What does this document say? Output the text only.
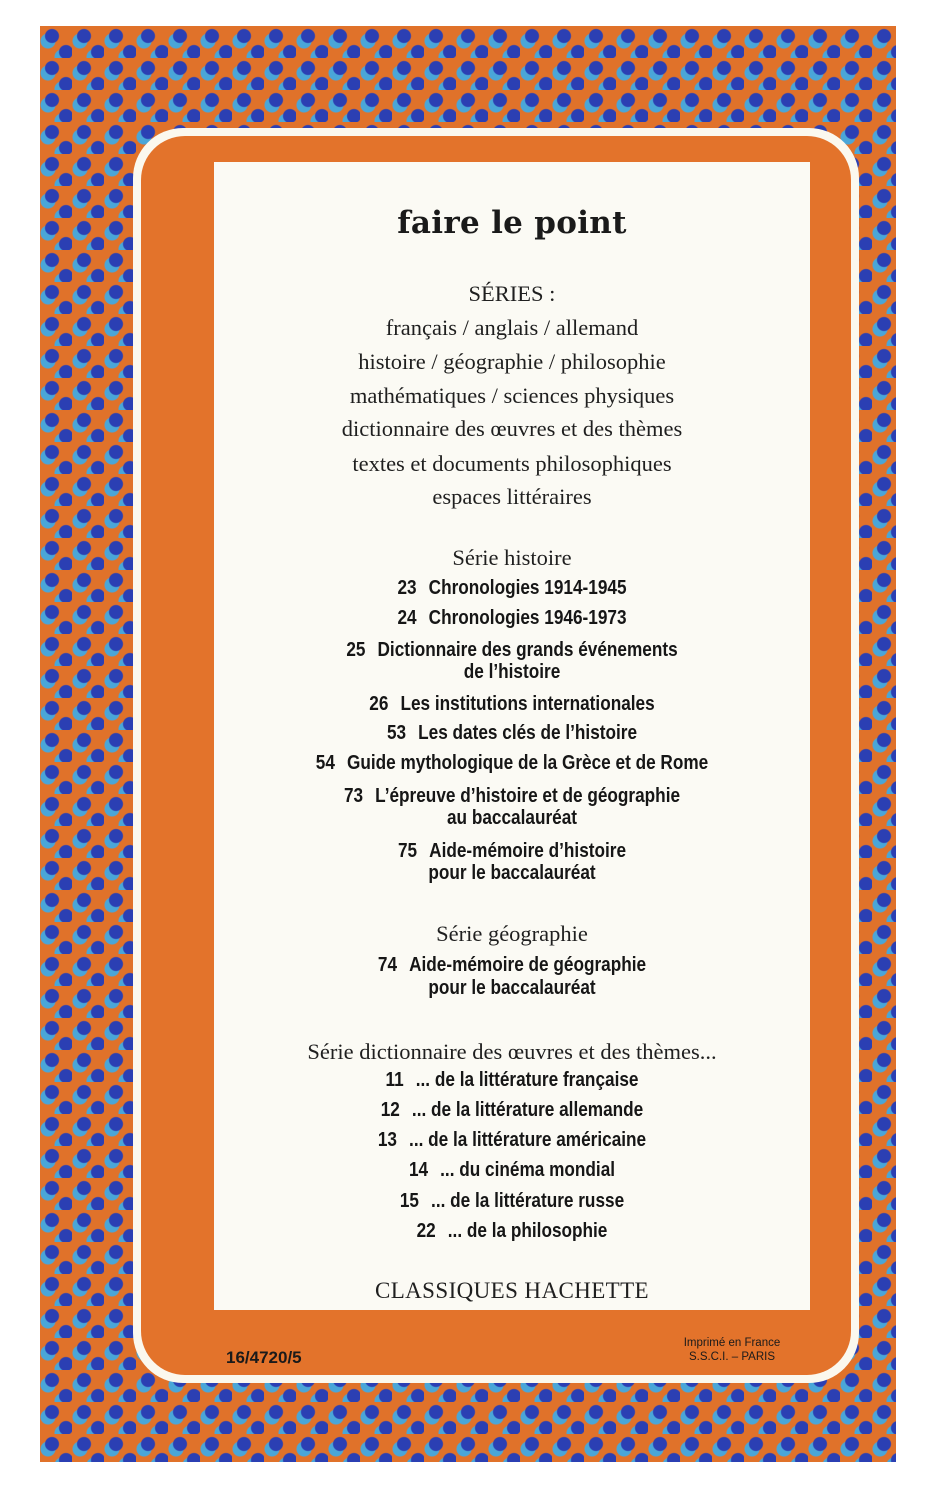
faire le point
SÉRIES :
français / anglais / allemand
histoire / géographie / philosophie
mathématiques / sciences physiques
dictionnaire des œuvres et des thèmes
textes et documents philosophiques
espaces littéraires
Série histoire
23 Chronologies 1914-1945
24 Chronologies 1946-1973
25 Dictionnaire des grands événements
de l’histoire
26 Les institutions internationales
53 Les dates clés de l’histoire
54 Guide mythologique de la Grèce et de Rome
73 L’épreuve d’histoire et de géographie
au baccalauréat
75 Aide-mémoire d’histoire
pour le baccalauréat
Série géographie
74 Aide-mémoire de géographie
pour le baccalauréat
Série dictionnaire des œuvres et des thèmes...
11 ... de la littérature française
12 ... de la littérature allemande
13 ... de la littérature américaine
14 ... du cinéma mondial
15 ... de la littérature russe
22 ... de la philosophie
CLASSIQUES HACHETTE
16/4720/5
Imprimé en France
S.S.C.I. – PARIS
